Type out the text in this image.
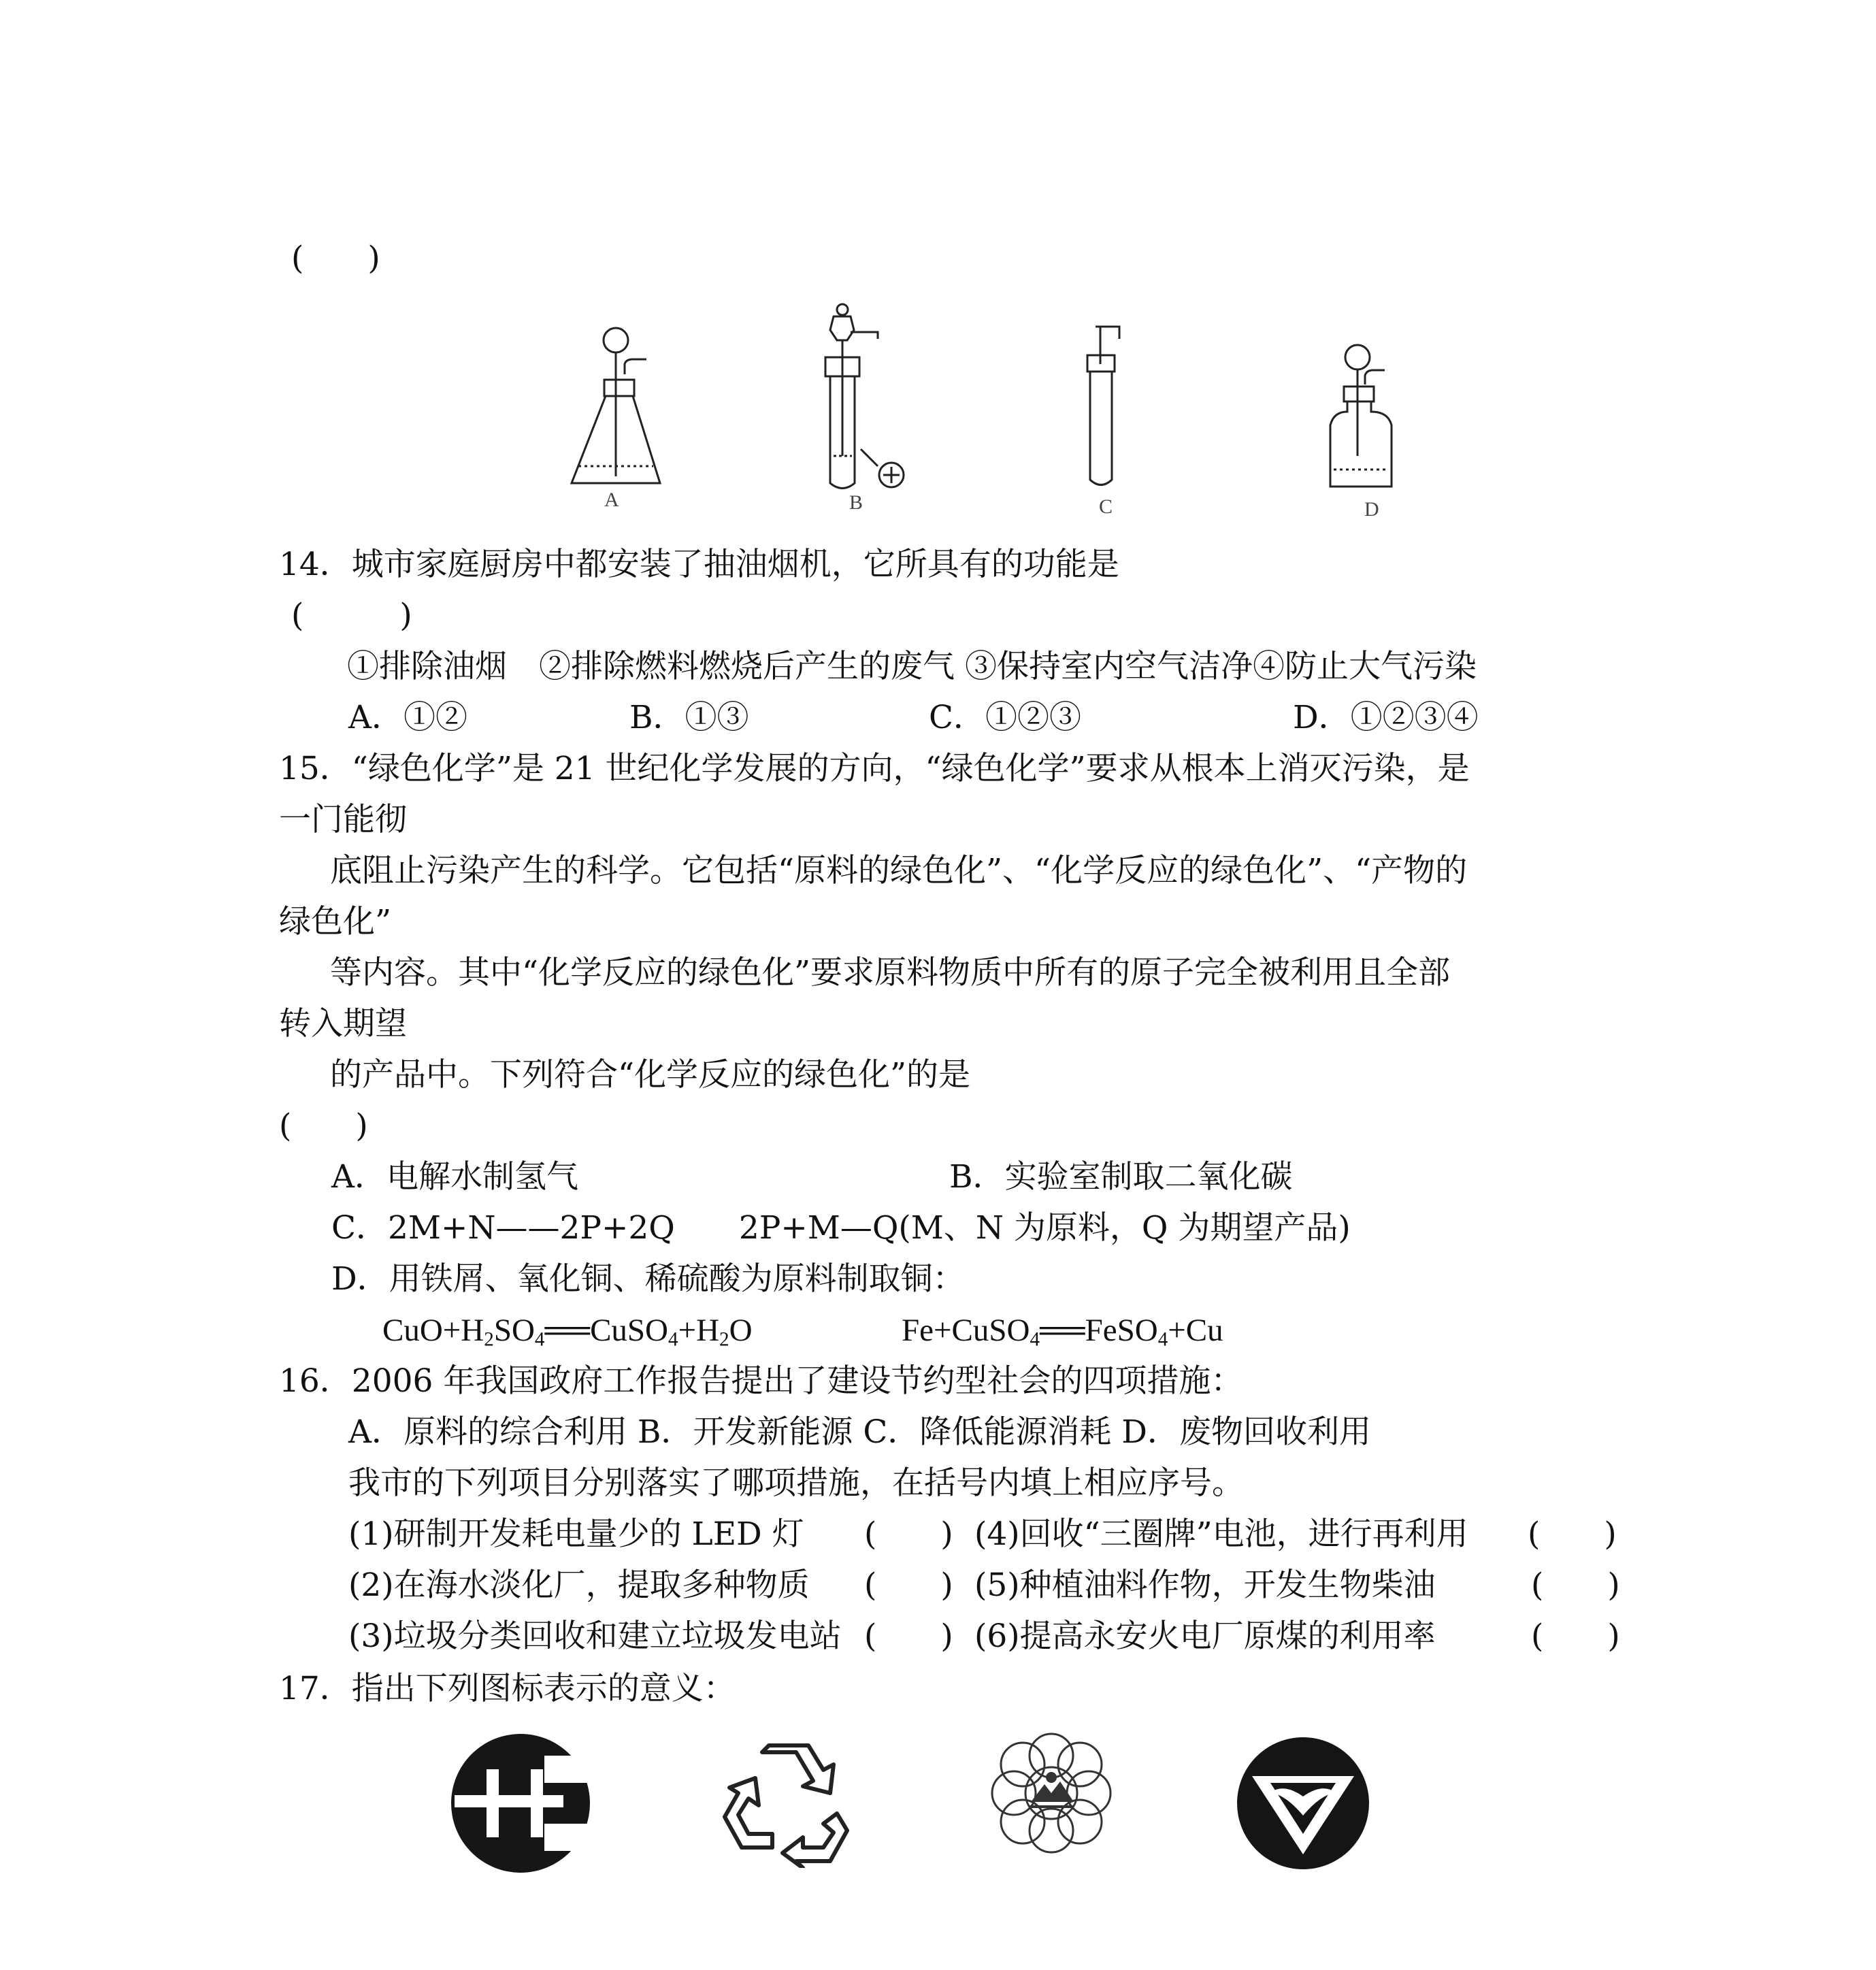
(　　)
A	B	C	D
14．城市家庭厨房中都安装了抽油烟机，它所具有的功能是
(　　　)
①排除油烟　②排除燃料燃烧后产生的废气 ③保持室内空气洁净④防止大气污染
A．①②	B．①③	C．①②③	D．①②③④
15．“绿色化学”是 21 世纪化学发展的方向，“绿色化学”要求从根本上消灭污染，是
一门能彻
底阻止污染产生的科学。它包括“原料的绿色化”、“化学反应的绿色化”、“产物的
绿色化”
等内容。其中“化学反应的绿色化”要求原料物质中所有的原子完全被利用且全部
转入期望
的产品中。下列符合“化学反应的绿色化”的是
(　　)
A．电解水制氢气	B．实验室制取二氧化碳
C．2M+N——2P+2Q　　2P+M—Q(M、N 为原料，Q 为期望产品)
D．用铁屑、氧化铜、稀硫酸为原料制取铜：
$CuO+H_2SO_4══CuSO_4+H_2O$	Fe+CuSO$_4$══FeSO$_4$+Cu
16．2006 年我国政府工作报告提出了建设节约型社会的四项措施：
A．原料的综合利用 B．开发新能源 C．降低能源消耗 D．废物回收利用
我市的下列项目分别落实了哪项措施，在括号内填上相应序号。
(1)研制开发耗电量少的 LED 灯 (　　) (4)回收“三圈牌”电池，进行再利用 (　　)
(2)在海水淡化厂，提取多种物质 (　　) (5)种植油料作物，开发生物柴油	(　　)
(3)垃圾分类回收和建立垃圾发电站 (　　) (6)提高永安火电厂原煤的利用率	(　　)
17．指出下列图标表示的意义：
